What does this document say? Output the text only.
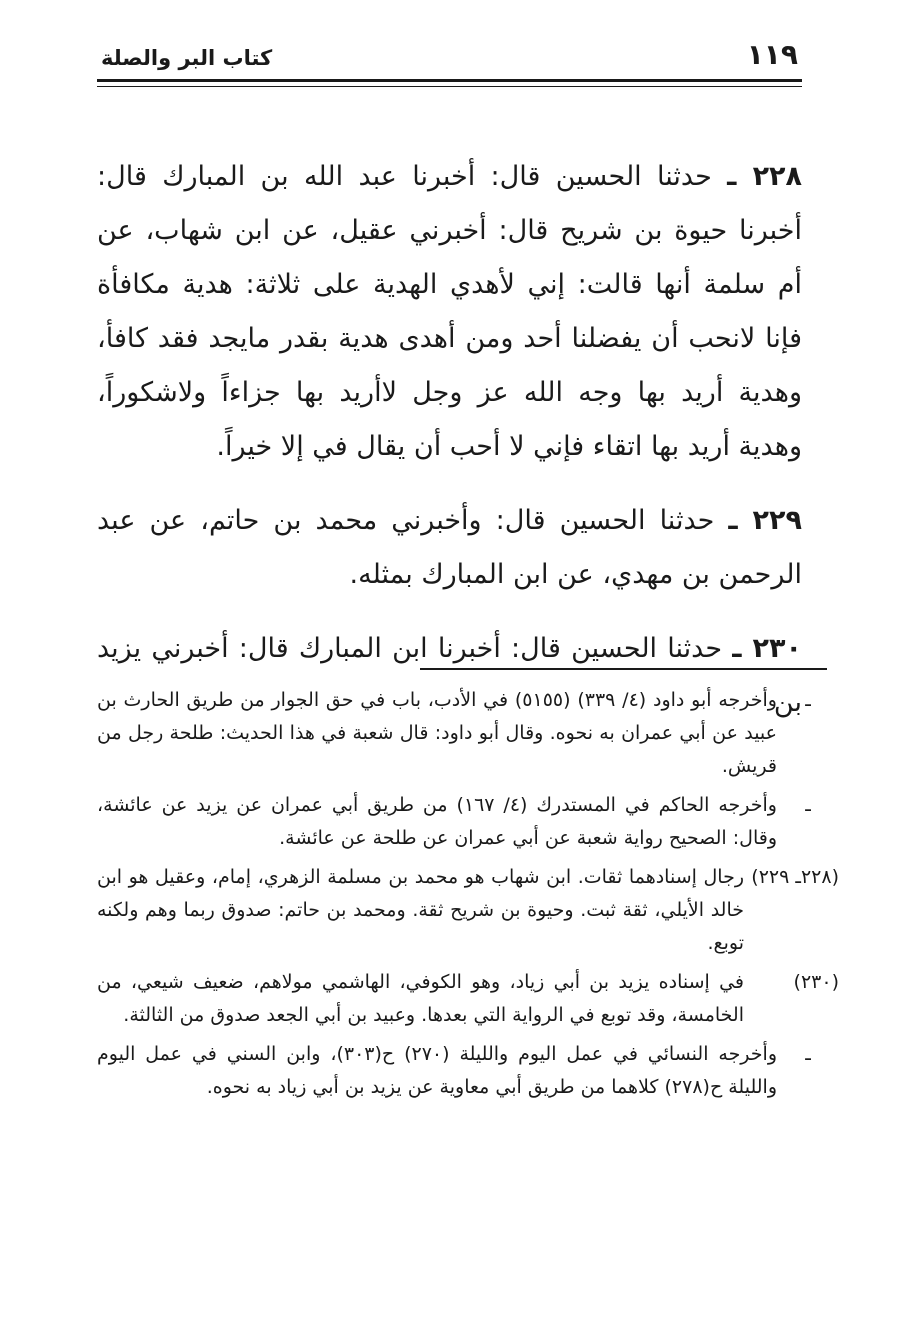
١١٩
كتاب البر والصلة

٢٢٨ ـ حدثنا الحسين قال: أخبرنا عبد الله بن المبارك قال: أخبرنا حيوة بن شريح قال: أخبرني عقيل، عن ابن شهاب، عن أم سلمة أنها قالت: إني لأهدي الهدية على ثلاثة: هدية مكافأة فإنا لانحب أن يفضلنا أحد ومن أهدى هدية بقدر مايجد فقد كافأ، وهدية أريد بها وجه الله عز وجل لاأريد بها جزاءاً ولاشكوراً، وهدية أريد بها اتقاء فإني لا أحب أن يقال في إلا خيراً.

٢٢٩ ـ حدثنا الحسين قال: وأخبرني محمد بن حاتم، عن عبد الرحمن بن مهدي، عن ابن المبارك بمثله.

٢٣٠ ـ حدثنا الحسين قال: أخبرنا ابن المبارك قال: أخبرني يزيد بن ـ
وأخرجه أبو داود (٤/ ٣٣٩) (٥١٥٥) في الأدب، باب في حق الجوار من طريق الحارث بن عبيد عن أبي عمران به نحوه. وقال أبو داود: قال شعبة في هذا الحديث: طلحة رجل من قريش.
ـ
وأخرجه الحاكم في المستدرك (٤/ ١٦٧) من طريق أبي عمران عن يزيد عن عائشة، وقال: الصحيح رواية شعبة عن أبي عمران عن طلحة عن عائشة.
(٢٢٨ـ ٢٢٩)
رجال إسنادهما ثقات. ابن شهاب هو محمد بن مسلمة الزهري، إمام، وعقيل هو ابن خالد الأيلي، ثقة ثبت. وحيوة بن شريح ثقة. ومحمد بن حاتم: صدوق ربما وهم ولكنه توبع.
(٢٣٠)
في إسناده يزيد بن أبي زياد، وهو الكوفي، الهاشمي مولاهم، ضعيف شيعي، من الخامسة، وقد توبع في الرواية التي بعدها. وعبيد بن أبي الجعد صدوق من الثالثة.
ـ
وأخرجه النسائي في عمل اليوم والليلة (٢٧٠) ح(٣٠٣)، وابن السني في عمل اليوم والليلة ح(٢٧٨) كلاهما من طريق أبي معاوية عن يزيد بن أبي زياد به نحوه.
